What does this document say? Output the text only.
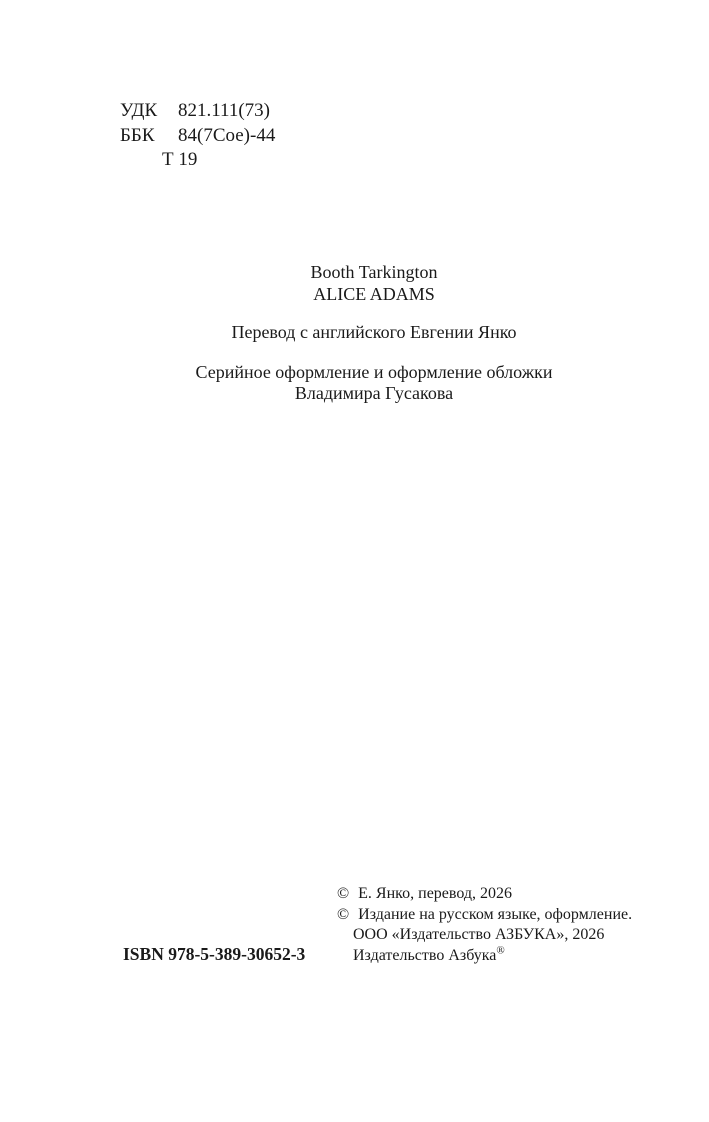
УДК 821.111(73)
ББК 84(7Сое)-44
Т 19

Booth Tarkington

ALICE ADAMS

Перевод с английского Евгении Янко

Серийное оформление и оформление обложки

Владимира Гусакова

© Е. Янко, перевод, 2026
© Издание на русском языке, оформление.
ООО «Издательство АЗБУКА», 2026
Издательство Азбука®
ISBN 978-5-389-30652-3
